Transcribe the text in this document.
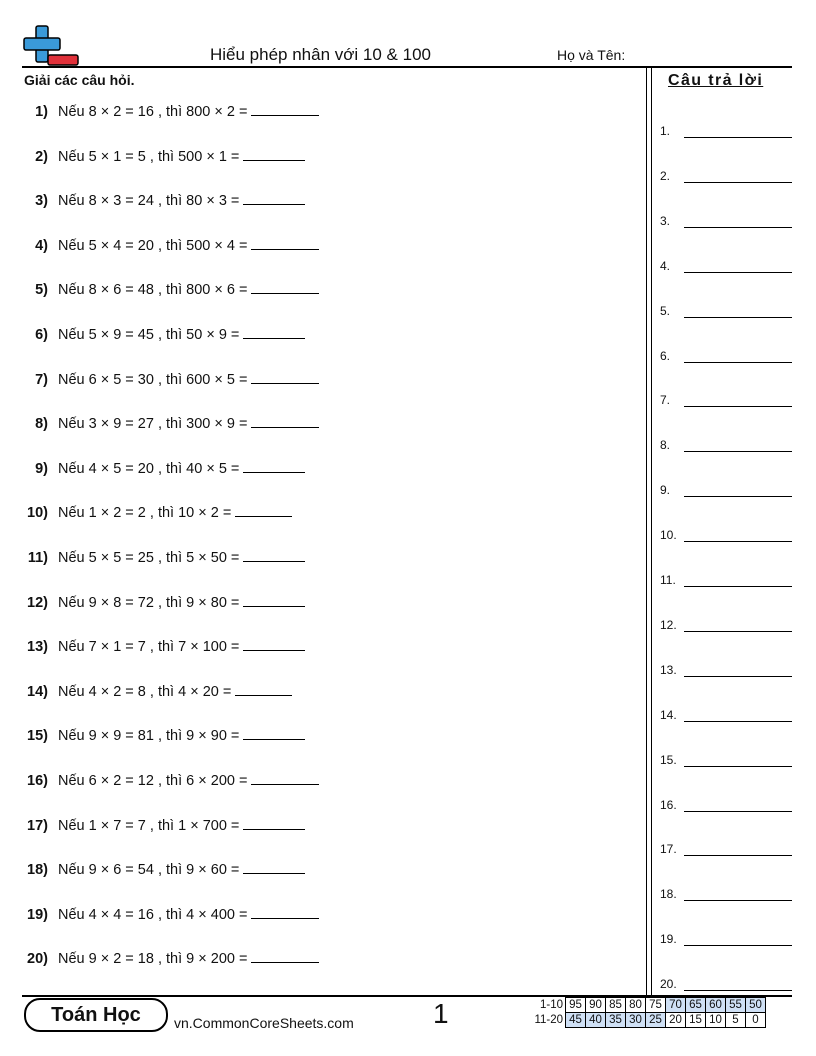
Hiểu phép nhân với 10 & 100	Họ và Tên:
Giải các câu hỏi.
1) Nếu 8 × 2 = 16 , thì 800 × 2 =
2) Nếu 5 × 1 = 5 , thì 500 × 1 =
3) Nếu 8 × 3 = 24 , thì 80 × 3 =
4) Nếu 5 × 4 = 20 , thì 500 × 4 =
5) Nếu 8 × 6 = 48 , thì 800 × 6 =
6) Nếu 5 × 9 = 45 , thì 50 × 9 =
7) Nếu 6 × 5 = 30 , thì 600 × 5 =
8) Nếu 3 × 9 = 27 , thì 300 × 9 =
9) Nếu 4 × 5 = 20 , thì 40 × 5 =
10) Nếu 1 × 2 = 2 , thì 10 × 2 =
11) Nếu 5 × 5 = 25 , thì 5 × 50 =
12) Nếu 9 × 8 = 72 , thì 9 × 80 =
13) Nếu 7 × 1 = 7 , thì 7 × 100 =
14) Nếu 4 × 2 = 8 , thì 4 × 20 =
15) Nếu 9 × 9 = 81 , thì 9 × 90 =
16) Nếu 6 × 2 = 12 , thì 6 × 200 =
17) Nếu 1 × 7 = 7 , thì 1 × 700 =
18) Nếu 9 × 6 = 54 , thì 9 × 60 =
19) Nếu 4 × 4 = 16 , thì 4 × 400 =
20) Nếu 9 × 2 = 18 , thì 9 × 200 =
Câu trả lời
1.
2.
3.
4.
5.
6.
7.
8.
9.
10.
11.
12.
13.
14.
15.
16.
17.
18.
19.
20.
Toán Học	vn.CommonCoreSheets.com	1	1-10	95	90	85	80	75	70	65	60	55	50
11-20	45	40	35	30	25	20	15	10	5	0
